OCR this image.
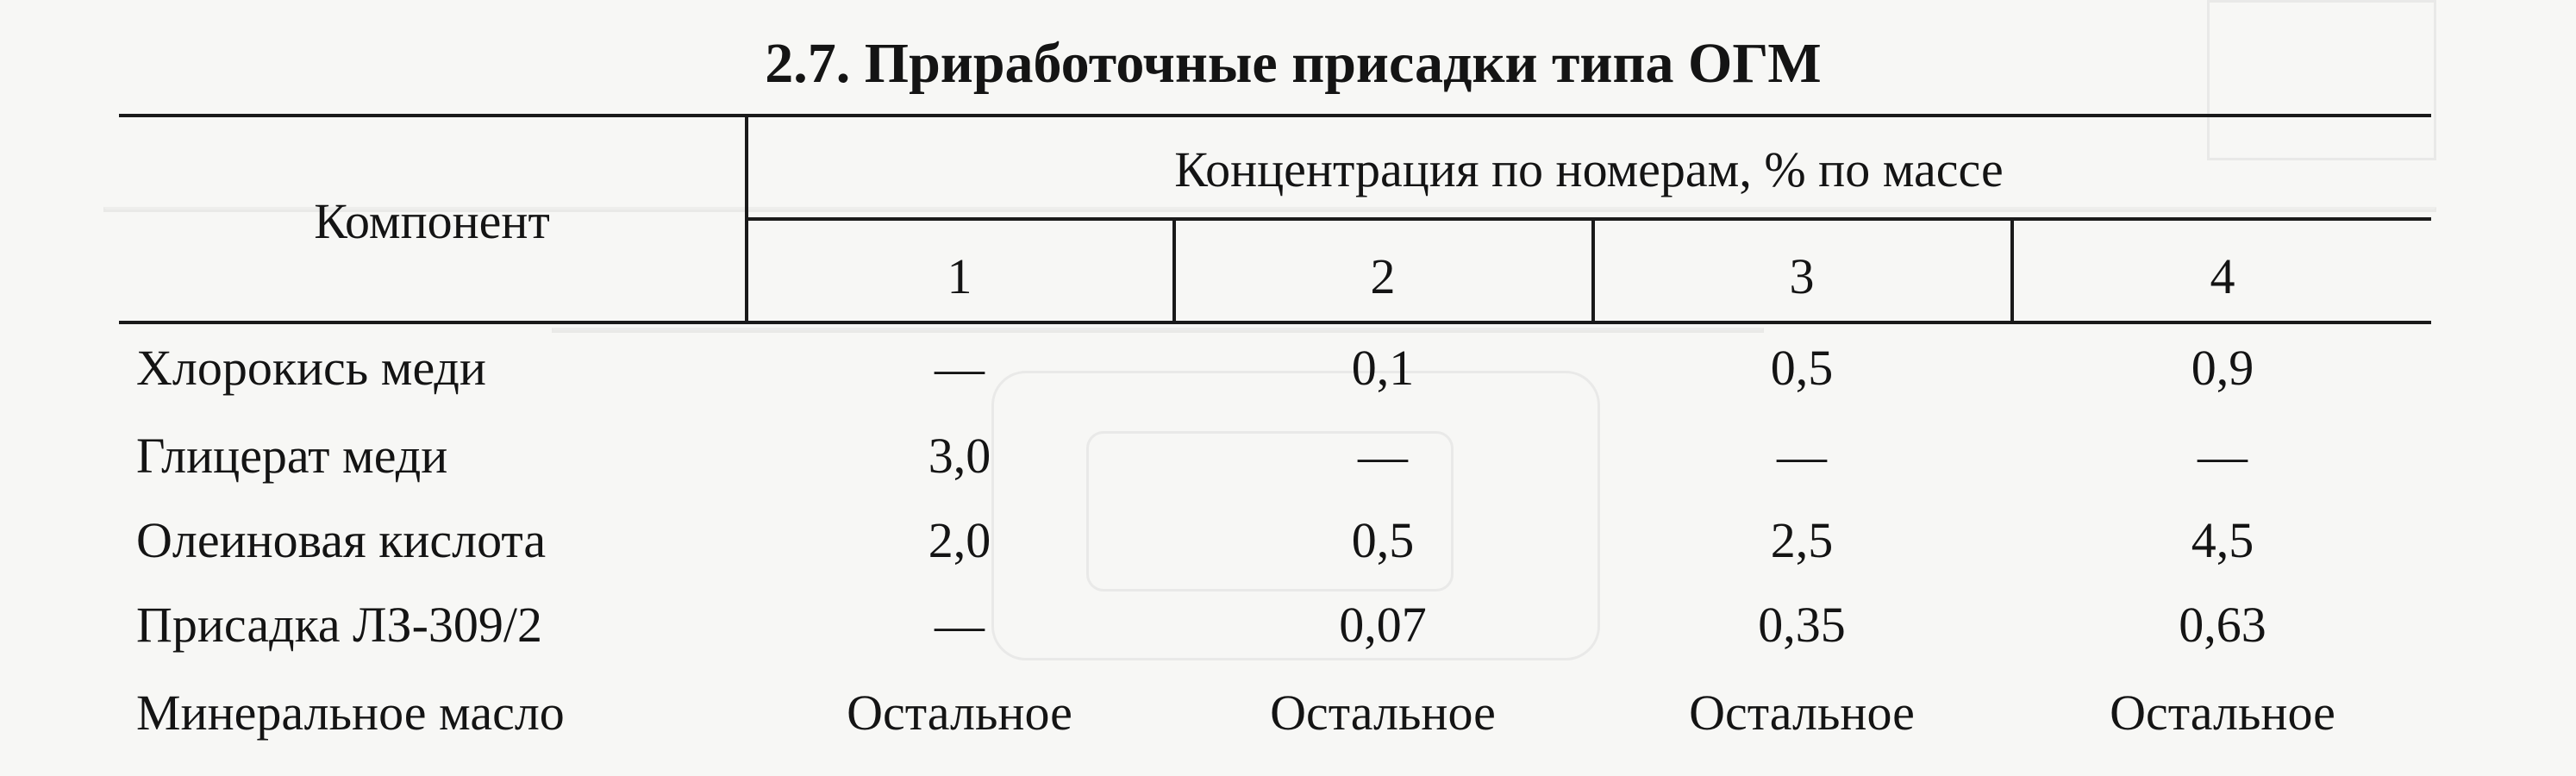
2.7. Приработочные присадки типа ОГМ
Компонент
Концентрация по номерам, % по массе
1	2	3	4
Хлорокись меди	—	0,1	0,5	0,9
Глицерат меди	3,0	—	—	—
Олеиновая кислота	2,0	0,5	2,5	4,5
Присадка ЛЗ-309/2	—	0,07	0,35	0,63
Минеральное масло	Остальное	Остальное	Остальное	Остальное
